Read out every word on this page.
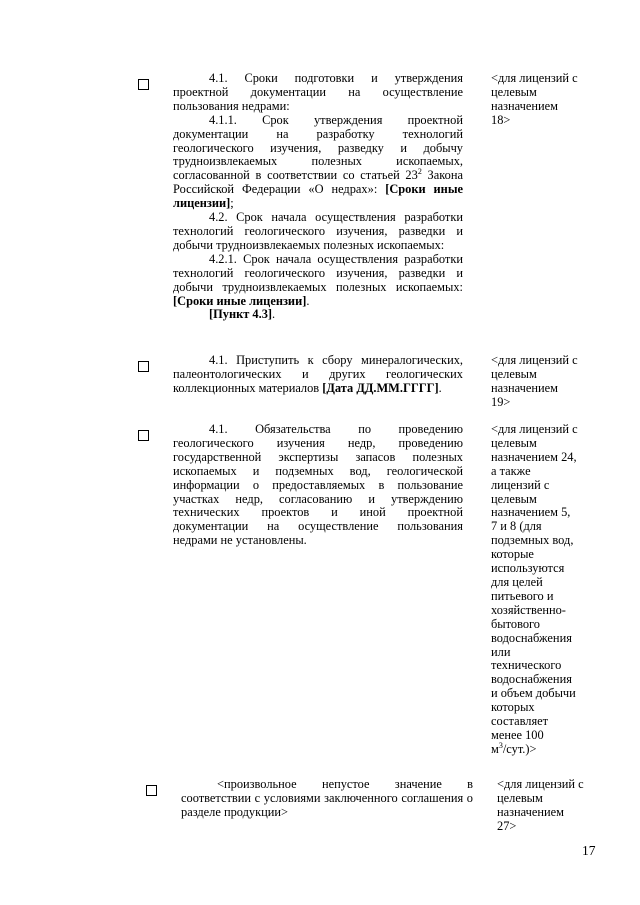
4.1. Сроки подготовки и утверждения проектной документации на осуществление пользования недрами:

4.1.1. Срок утверждения проектной документации на разработку технологий геологического изучения, разведку и добычу трудноизвлекаемых полезных ископаемых, согласованной в соответствии со статьей $23^2$ Закона Российской Федерации «О недрах»: [Сроки иные лицензии];

4.2. Срок начала осуществления разработки технологий геологического изучения, разведки и добычи трудноизвлекаемых полезных ископаемых:

4.2.1. Срок начала осуществления разработки технологий геологического изучения, разведки и добычи трудноизвлекаемых полезных ископаемых: [Сроки иные лицензии].

[Пункт 4.3].

<для лицензий с
целевым
назначением
18>

4.1. Приступить к сбору минералогических, палеонтологических и других геологических коллекционных материалов [Дата ДД.ММ.ГГГГ].

<для лицензий с
целевым
назначением
19>

4.1. Обязательства по проведению геологического изучения недр, проведению государственной экспертизы запасов полезных ископаемых и подземных вод, геологической информации о предоставляемых в пользование участках недр, согласованию и утверждению технических проектов и иной проектной документации на осуществление пользования недрами не установлены.

<для лицензий с
целевым
назначением 24,
а также
лицензий с
целевым
назначением 5,
7 и 8 (для
подземных вод,
которые
используются
для целей
питьевого и
хозяйственно-
бытового
водоснабжения
или
технического
водоснабжения
и объем добычи
которых
составляет
менее 100
$м^3/сут.)>$

<произвольное непустое значение в соответствии с условиями заключенного соглашения о разделе продукции>

<для лицензий с
целевым
назначением
27>
17
